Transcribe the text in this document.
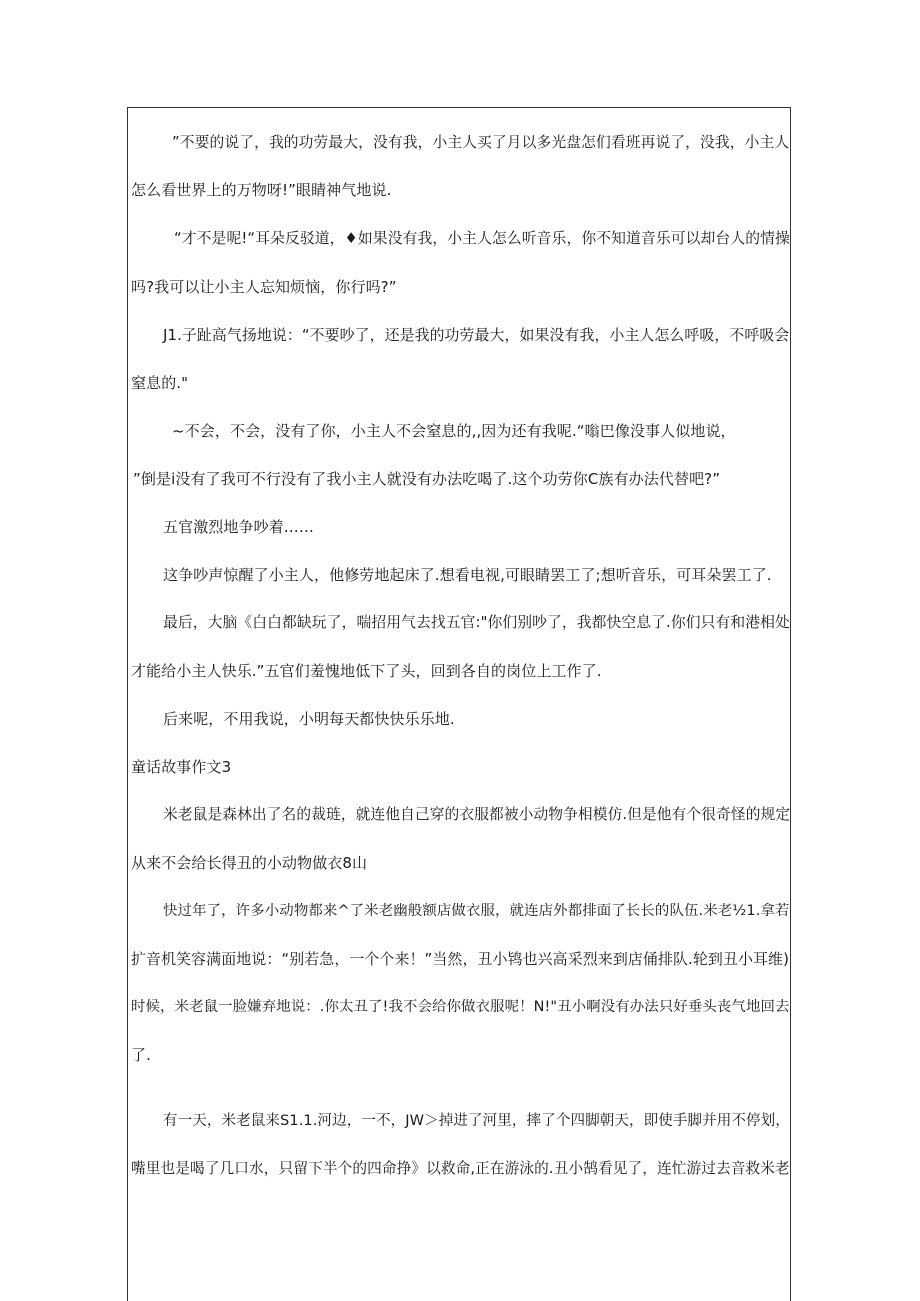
”不要的说了，我的功劳最大，没有我，小主人买了月以多光盘怎们看班再说了，没我，小主人
怎么看世界上的万物呀!”眼睛神气地说.
“才不是呢!“耳朵反驳道，♦如果没有我，小主人怎么听音乐，你不知道音乐可以却台人的情操
吗?我可以让小主人忘知烦恼，你行吗?”
J1.子趾高气扬地说：“不要吵了，还是我的功劳最大，如果没有我，小主人怎么呼吸，不呼吸会
窒息的."
~不会，不会，没有了你，小主人不会窒息的,,因为还有我呢.“嗡巴像没事人似地说，
”倒是i没有了我可不行没有了我小主人就没有办法吃喝了.这个功劳你C族有办法代替吧?”
五官激烈地争吵着……
这争吵声惊醒了小主人，他修劳地起床了.想看电视,可眼睛罢工了;想听音乐，可耳朵罢工了.
最后，大脑《白白都缺玩了，喘招用气去找五官:"你们别吵了，我都快空息了.你们只有和港相处
才能给小主人快乐.”五官们羞愧地低下了头，回到各自的岗位上工作了.
后来呢，不用我说，小明每天都快快乐乐地.
童话故事作文3
米老鼠是森林出了名的裁琏，就连他自己穿的衣服都被小动物争相模仿.但是他有个很奇怪的规定
从来不会给长得丑的小动物做衣8山
快过年了，许多小动物都来^了米老幽般额店做衣服，就连店外都排面了长长的队伍.米老½1.拿若
扩音机笑容满面地说：“别若急，一个个来！”当然，丑小鸨也兴高采烈来到店俑排队.轮到丑小耳维)
时候，米老鼠一脸嫌弃地说：.你太丑了!我不会给你做衣服呢！N!"丑小啊没有办法只好垂头丧气地回去
了.
有一天，米老鼠来S1.1.河边，一不，JW＞掉进了河里，摔了个四脚朝天，即使手脚并用不停划，
嘴里也是喝了几口水，只留下半个的四命挣》以救命,正在游泳的.丑小鹄看见了，连忙游过去音救米老
